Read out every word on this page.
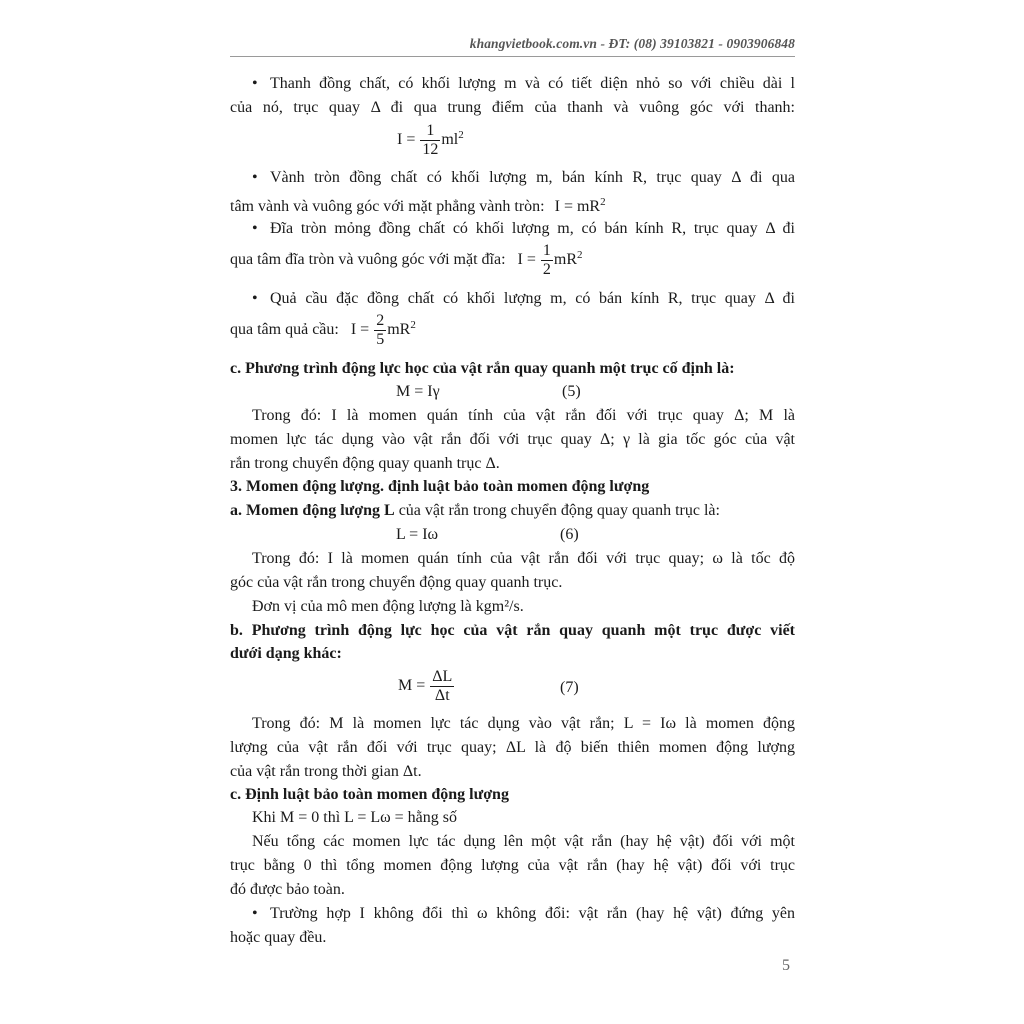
khangvietbook.com.vn - ĐT: (08) 39103821 - 0903906848
• Thanh đồng chất, có khối lượng m và có tiết diện nhỏ so với chiều dài l
của nó, trục quay Δ đi qua trung điểm của thanh và vuông góc với thanh:
$I = \frac{1}{12} ml^2$
• Vành tròn đồng chất có khối lượng m, bán kính R, trục quay Δ đi qua
tâm vành và vuông góc với mặt phẳng vành tròn: $I = mR^2$
• Đĩa tròn mỏng đồng chất có khối lượng m, có bán kính R, trục quay Δ đi
qua tâm đĩa tròn và vuông góc với mặt đĩa: $I = \frac{1}{2} mR^2$
• Quả cầu đặc đồng chất có khối lượng m, có bán kính R, trục quay Δ đi
qua tâm quả cầu: $I = \frac{2}{5} mR^2$
c. Phương trình động lực học của vật rắn quay quanh một trục cố định là:
M = Iγ	(5)
Trong đó: I là momen quán tính của vật rắn đối với trục quay Δ; M là
momen lực tác dụng vào vật rắn đối với trục quay Δ; γ là gia tốc góc của vật
rắn trong chuyển động quay quanh trục Δ.
3. Momen động lượng. định luật bảo toàn momen động lượng
a. Momen động lượng L của vật rắn trong chuyển động quay quanh trục là:
L = Iω	(6)
Trong đó: I là momen quán tính của vật rắn đối với trục quay; ω là tốc độ
góc của vật rắn trong chuyển động quay quanh trục.
Đơn vị của mô men động lượng là kgm²/s.
b. Phương trình động lực học của vật rắn quay quanh một trục được viết
dưới dạng khác:
$M = \frac{\Delta L}{\Delta t}$	(7)
Trong đó: M là momen lực tác dụng vào vật rắn; L = Iω là momen động
lượng của vật rắn đối với trục quay; ΔL là độ biến thiên momen động lượng
của vật rắn trong thời gian Δt.
c. Định luật bảo toàn momen động lượng
Khi M = 0 thì L = Lω = hằng số
Nếu tổng các momen lực tác dụng lên một vật rắn (hay hệ vật) đối với một
trục bằng 0 thì tổng momen động lượng của vật rắn (hay hệ vật) đối với trục
đó được bảo toàn.
• Trường hợp I không đổi thì ω không đổi: vật rắn (hay hệ vật) đứng yên
hoặc quay đều.
5
